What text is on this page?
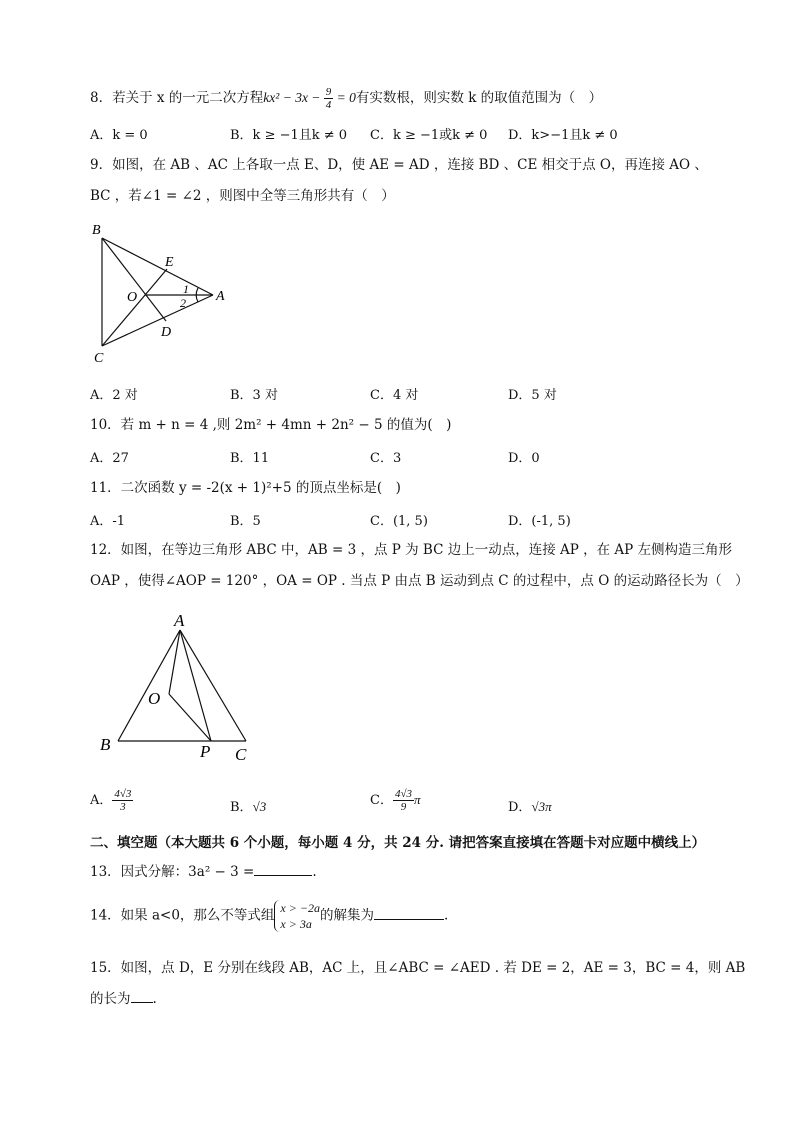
8．若关于 x 的一元二次方程$kx^2 - 3x - \frac{9}{4} = 0$有实数根，则实数 k 的取值范围为（　）
A．k = 0	B．k ≥ −1且k ≠ 0 C．k ≥ −1或k ≠ 0 D．k>−1且k ≠ 0
9．如图，在 AB 、AC 上各取一点 E、D，使 AE = AD ，连接 BD 、CE 相交于点 O，再连接 AO 、
BC ，若∠1 = ∠2 ，则图中全等三角形共有（　）
B
E
O	A
D
C
1
2
A．2 对	B．3 对	C．4 对	D．5 对
10．若 m + n = 4 ,则 2m² + 4mn + 2n² − 5 的值为(　)
A．27	B．11	C．3	D．0
11．二次函数 y = -2(x + 1)²+5 的顶点坐标是(　)
A．-1	B．5	C．(1, 5)	D．(-1, 5)
12．如图，在等边三角形 ABC 中，AB = 3 ，点 P 为 BC 边上一动点，连接 AP ，在 AP 左侧构造三角形
OAP ，使得∠AOP = 120° ，OA = OP . 当点 P 由点 B 运动到点 C 的过程中，点 O 的运动路径长为（　）
A
O
B	P C
A． $\frac{4√3}{3}$	B．√3	C． $\frac{4√3}{9}$ π
D．√3π
二、填空题（本大题共 6 个小题，每小题 4 分，共 24 分. 请把答案直接填在答题卡对应题中横线上）
13．因式分解：3a² − 3 =	.
14．如果 a<0，那么不等式组 x > −2a
x > 3a
的解集为	.
15．如图，点 D，E 分别在线段 AB，AC 上，且∠ABC = ∠AED . 若 DE = 2，AE = 3，BC = 4，则 AB
的长为 .
